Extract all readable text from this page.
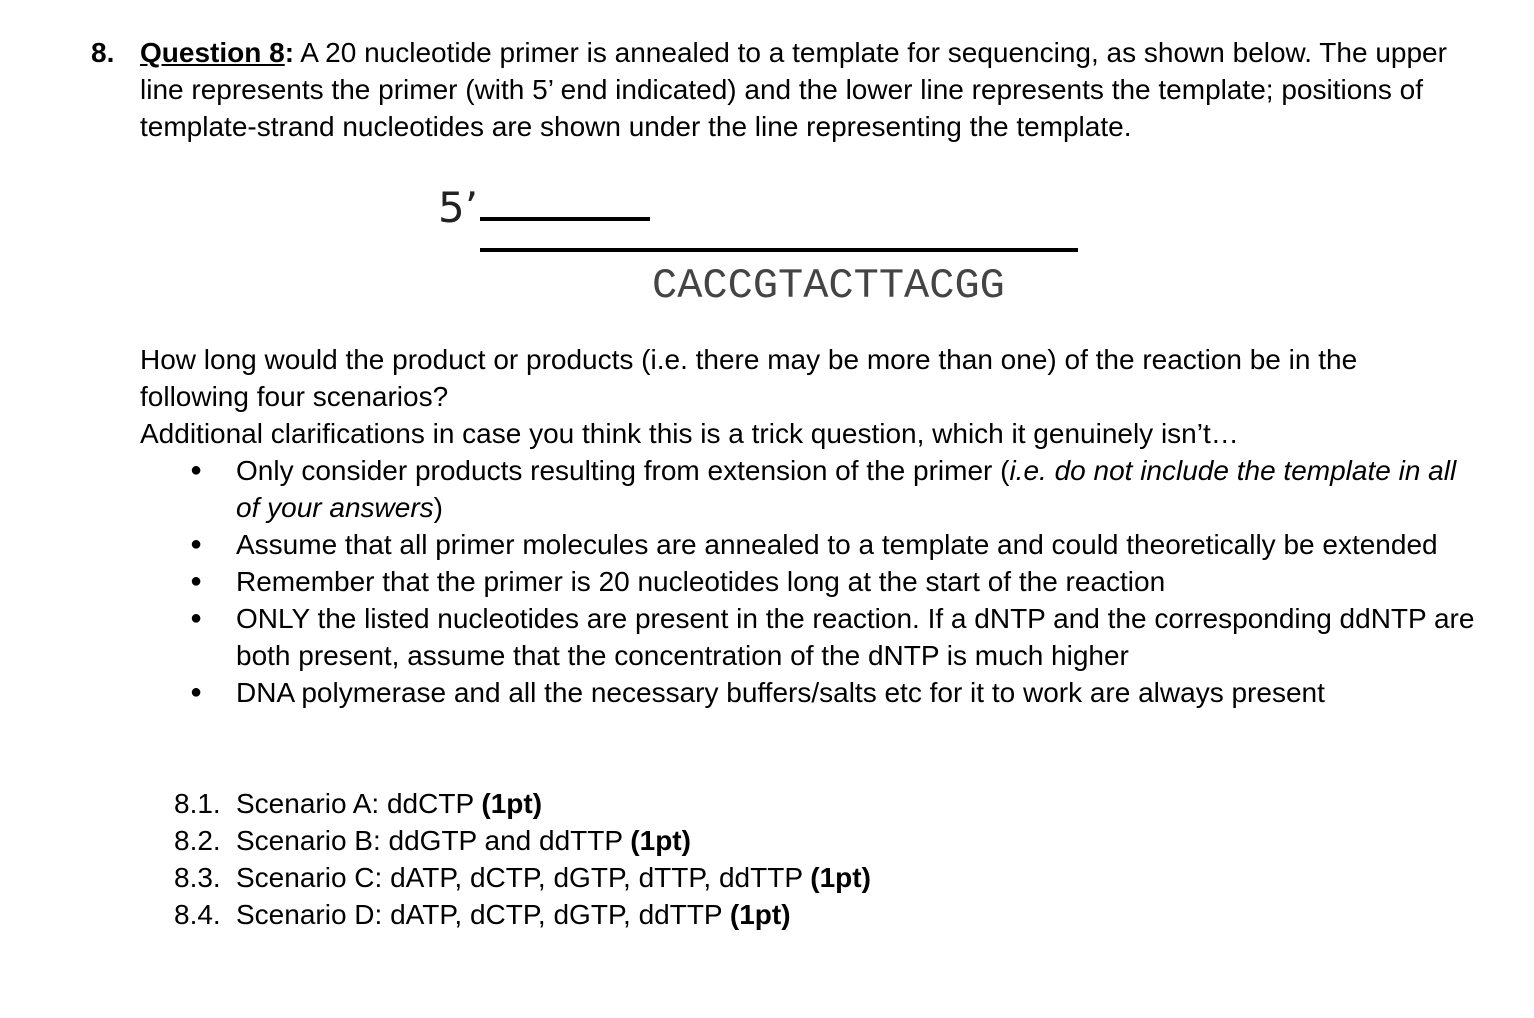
8. Question 8: A 20 nucleotide primer is annealed to a template for sequencing, as shown below. The upper line represents the primer (with 5’ end indicated) and the lower line represents the template; positions of template-strand nucleotides are shown under the line representing the template.
5’
CACCGTACTTACGG
How long would the product or products (i.e. there may be more than one) of the reaction be in the following four scenarios?
Additional clarifications in case you think this is a trick question, which it genuinely isn’t…
● Only consider products resulting from extension of the primer (i.e. do not include the template in all of your answers)
● Assume that all primer molecules are annealed to a template and could theoretically be extended
● Remember that the primer is 20 nucleotides long at the start of the reaction
● ONLY the listed nucleotides are present in the reaction. If a dNTP and the corresponding ddNTP are both present, assume that the concentration of the dNTP is much higher
● DNA polymerase and all the necessary buffers/salts etc for it to work are always present
8.1. Scenario A: ddCTP (1pt)
8.2. Scenario B: ddGTP and ddTTP (1pt)
8.3. Scenario C: dATP, dCTP, dGTP, dTTP, ddTTP (1pt)
8.4. Scenario D: dATP, dCTP, dGTP, ddTTP (1pt)
